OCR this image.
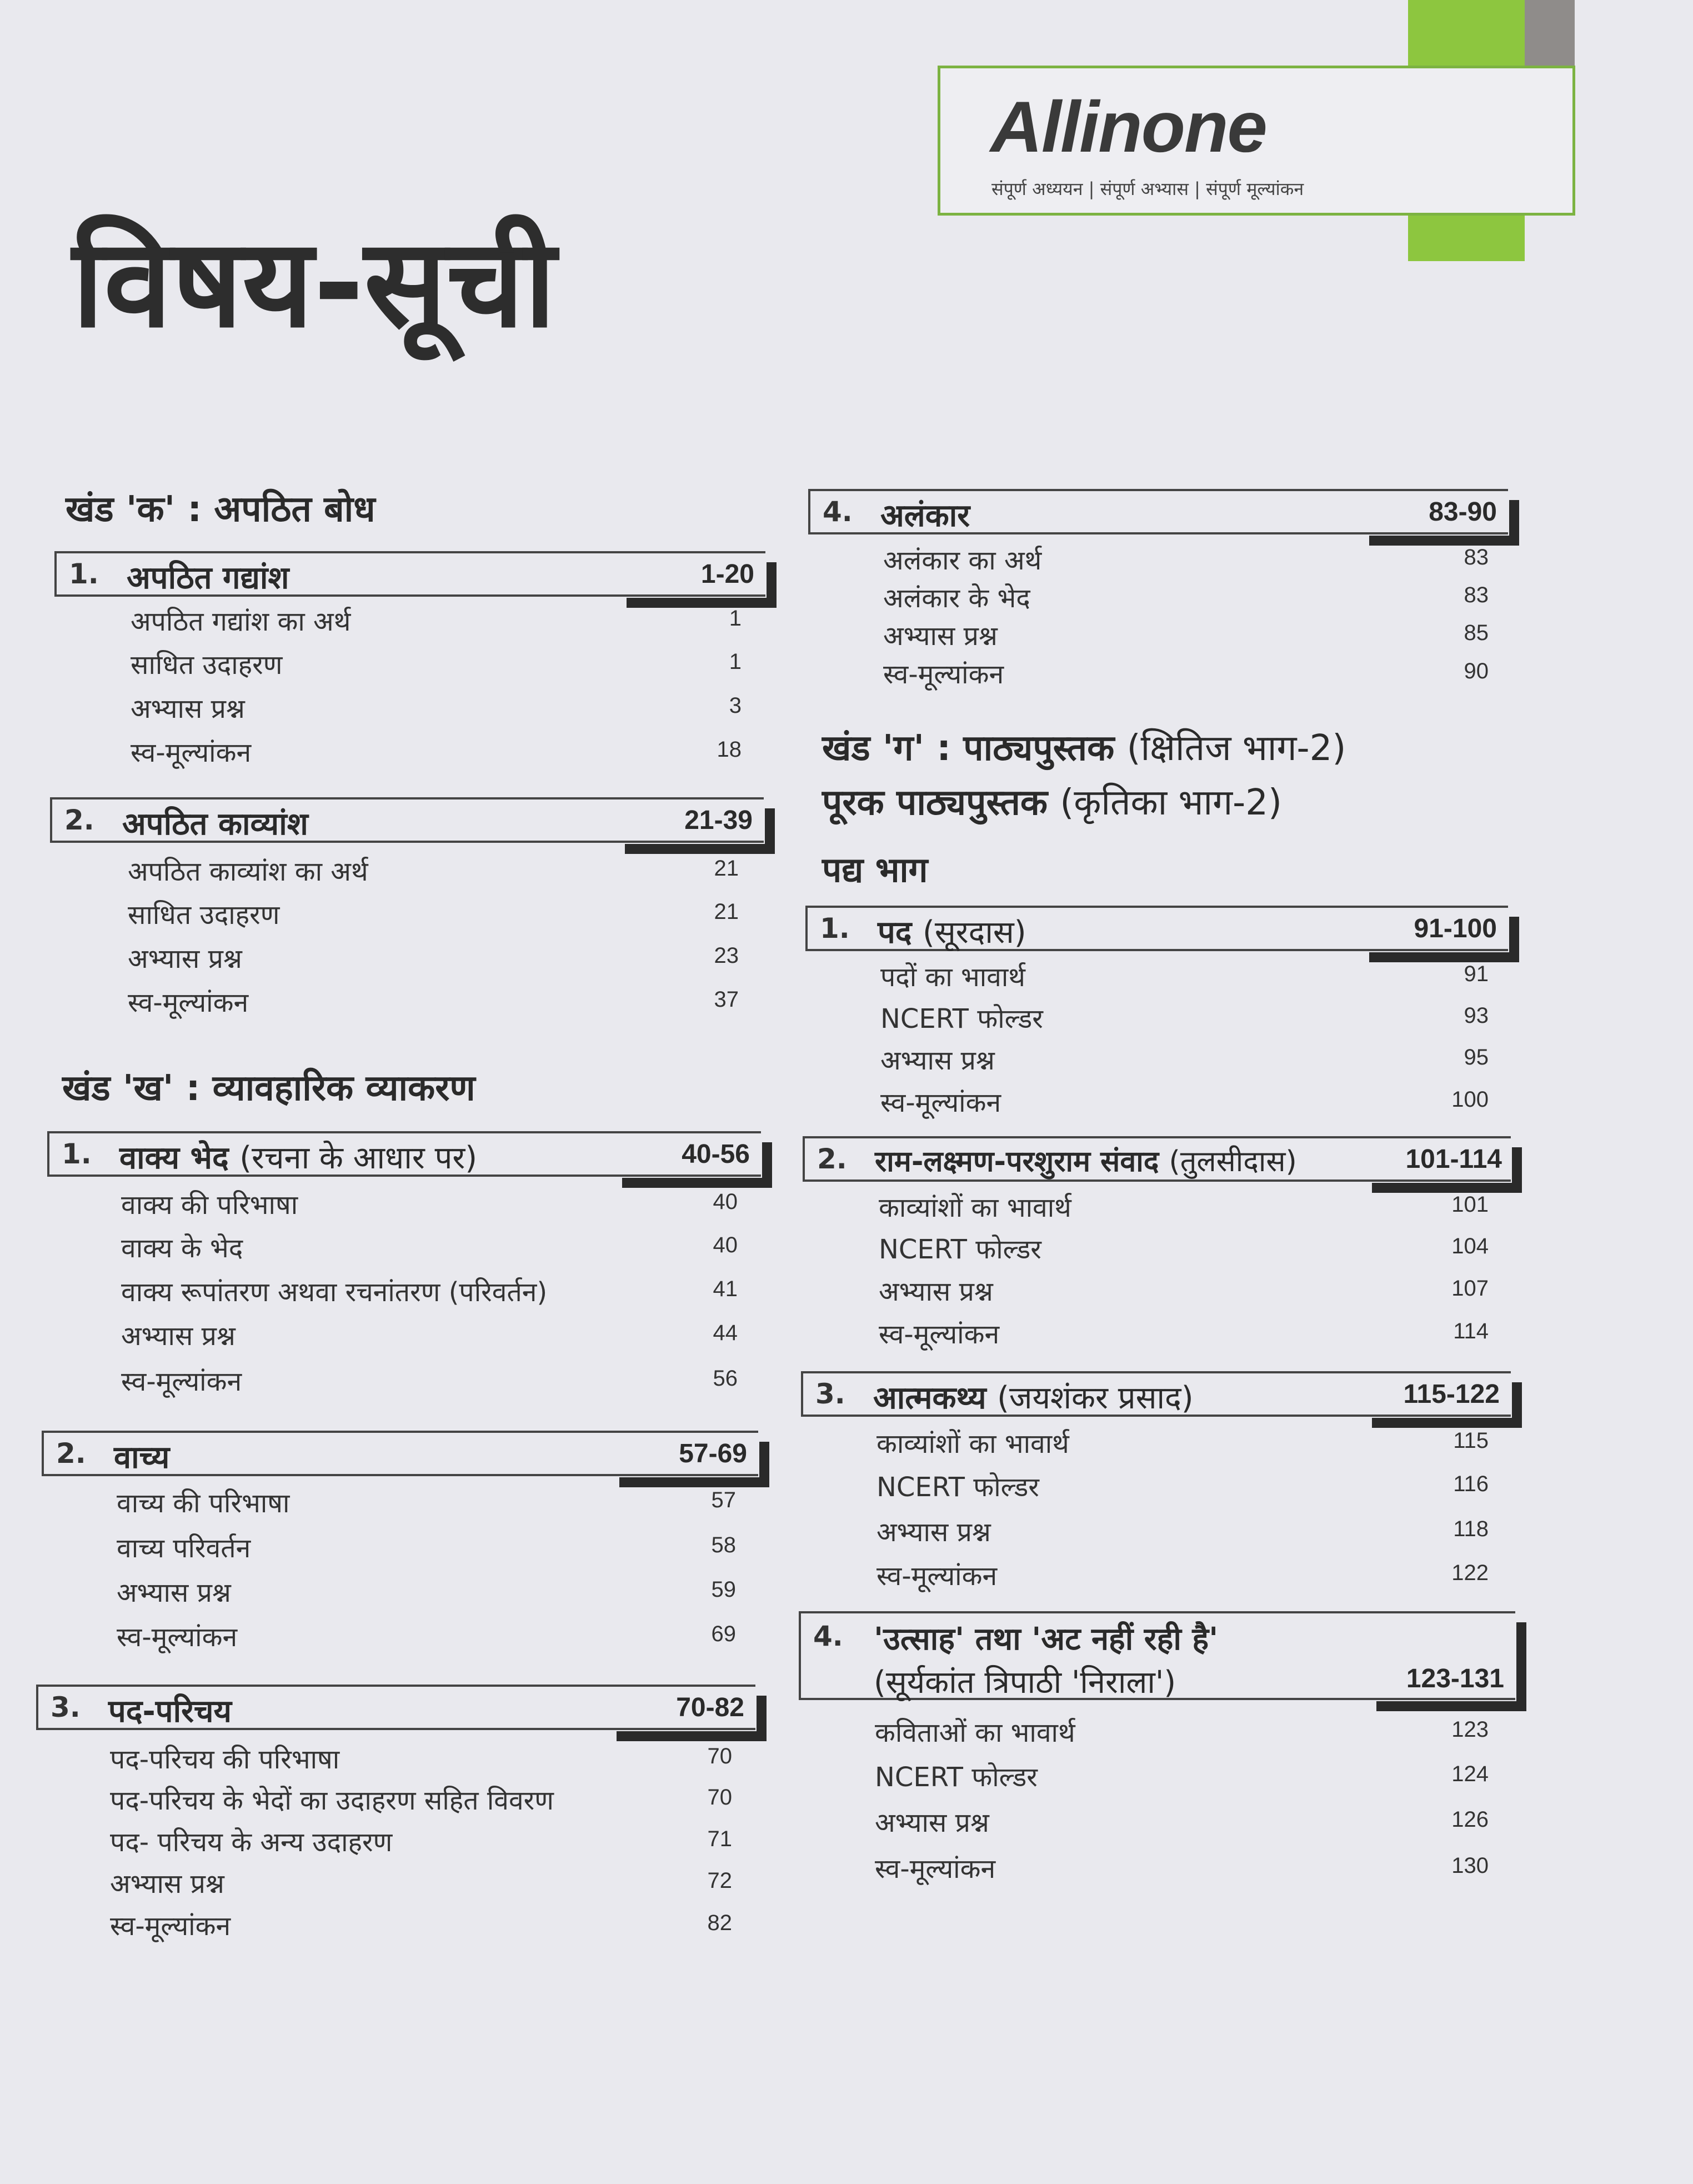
Allinone
संपूर्ण अध्ययन | संपूर्ण अभ्यास | संपूर्ण मूल्यांकन
विषय-सूची
खंड 'क' : अपठित बोध
1. अपठित गद्यांश	1-20
अपठित गद्यांश का अर्थ	1
साधित उदाहरण	1
अभ्यास प्रश्न	3
स्व-मूल्यांकन	18
2. अपठित काव्यांश	21-39
अपठित काव्यांश का अर्थ	21
साधित उदाहरण	21
अभ्यास प्रश्न	23
स्व-मूल्यांकन	37
खंड 'ख' : व्यावहारिक व्याकरण
1. वाक्य भेद (रचना के आधार पर)	40-56
वाक्य की परिभाषा	40
वाक्य के भेद	40
वाक्य रूपांतरण अथवा रचनांतरण (परिवर्तन)	41
अभ्यास प्रश्न	44
स्व-मूल्यांकन	56
2. वाच्य	57-69
वाच्य की परिभाषा	57
वाच्य परिवर्तन	58
अभ्यास प्रश्न	59
स्व-मूल्यांकन	69
3. पद-परिचय	70-82
पद-परिचय की परिभाषा	70
पद-परिचय के भेदों का उदाहरण सहित विवरण	70
पद- परिचय के अन्य उदाहरण	71
अभ्यास प्रश्न	72
स्व-मूल्यांकन	82
4. अलंकार	83-90
अलंकार का अर्थ	83
अलंकार के भेद	83
अभ्यास प्रश्न	85
स्व-मूल्यांकन	90
खंड 'ग' : पाठ्यपुस्तक (क्षितिज भाग-2)
पूरक पाठ्यपुस्तक (कृतिका भाग-2)
पद्य भाग
1. पद (सूरदास)	91-100
पदों का भावार्थ	91
NCERT फोल्डर	93
अभ्यास प्रश्न	95
स्व-मूल्यांकन	100
2. राम-लक्ष्मण-परशुराम संवाद (तुलसीदास)	101-114
काव्यांशों का भावार्थ	101
NCERT फोल्डर	104
अभ्यास प्रश्न	107
स्व-मूल्यांकन	114
3. आत्मकथ्य (जयशंकर प्रसाद)	115-122
काव्यांशों का भावार्थ	115
NCERT फोल्डर	116
अभ्यास प्रश्न	118
स्व-मूल्यांकन	122
4. 'उत्साह' तथा 'अट नहीं रही है'
(सूर्यकांत त्रिपाठी 'निराला')	123-131
कविताओं का भावार्थ	123
NCERT फोल्डर	124
अभ्यास प्रश्न	126
स्व-मूल्यांकन	130
